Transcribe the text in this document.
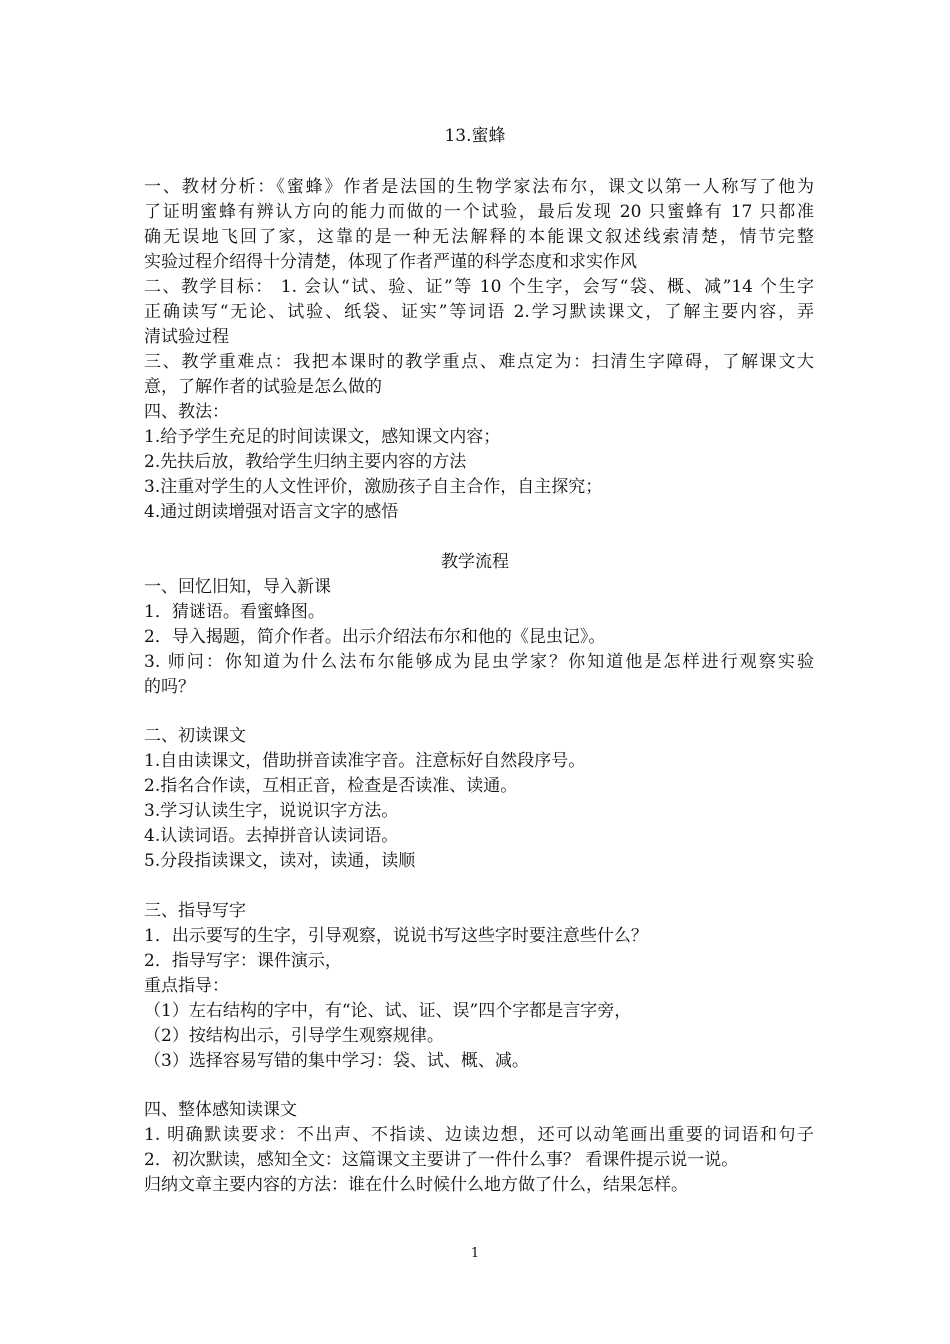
13.蜜蜂
一、教材分析：《蜜蜂》作者是法国的生物学家法布尔，课文以第一人称写了他为
了证明蜜蜂有辨认方向的能力而做的一个试验，最后发现 20 只蜜蜂有 17 只都准
确无误地飞回了家，这靠的是一种无法解释的本能课文叙述线索清楚，情节完整
实验过程介绍得十分清楚，体现了作者严谨的科学态度和求实作风
二、教学目标： 1. 会认“试、验、证”等 10 个生字，会写“袋、概、减”14 个生字
正确读写“无论、试验、纸袋、证实”等词语 2.学习默读课文，了解主要内容，弄
清试验过程
三、教学重难点：我把本课时的教学重点、难点定为：扫清生字障碍，了解课文大
意，了解作者的试验是怎么做的
四、教法：
1.给予学生充足的时间读课文，感知课文内容；
2.先扶后放，教给学生归纳主要内容的方法
3.注重对学生的人文性评价，激励孩子自主合作，自主探究；
4.通过朗读增强对语言文字的感悟
教学流程
一、回忆旧知，导入新课
1．猜谜语。看蜜蜂图。
2．导入揭题，简介作者。出示介绍法布尔和他的《昆虫记》。
3. 师问：你知道为什么法布尔能够成为昆虫学家？你知道他是怎样进行观察实验
的吗？
二、初读课文
1.自由读课文，借助拼音读准字音。注意标好自然段序号。
2.指名合作读，互相正音，检查是否读准、读通。
3.学习认读生字，说说识字方法。
4.认读词语。去掉拼音认读词语。
5.分段指读课文，读对，读通，读顺
三、指导写字
1．出示要写的生字，引导观察，说说书写这些字时要注意些什么？
2．指导写字：课件演示，
重点指导：
（1）左右结构的字中，有“论、试、证、误”四个字都是言字旁，
（2）按结构出示，引导学生观察规律。
（3）选择容易写错的集中学习：袋、试、概、减。
四、整体感知读课文
1. 明确默读要求：不出声、不指读、边读边想，还可以动笔画出重要的词语和句子
2．初次默读，感知全文：这篇课文主要讲了一件什么事？ 看课件提示说一说。
归纳文章主要内容的方法：谁在什么时候什么地方做了什么，结果怎样。
1
